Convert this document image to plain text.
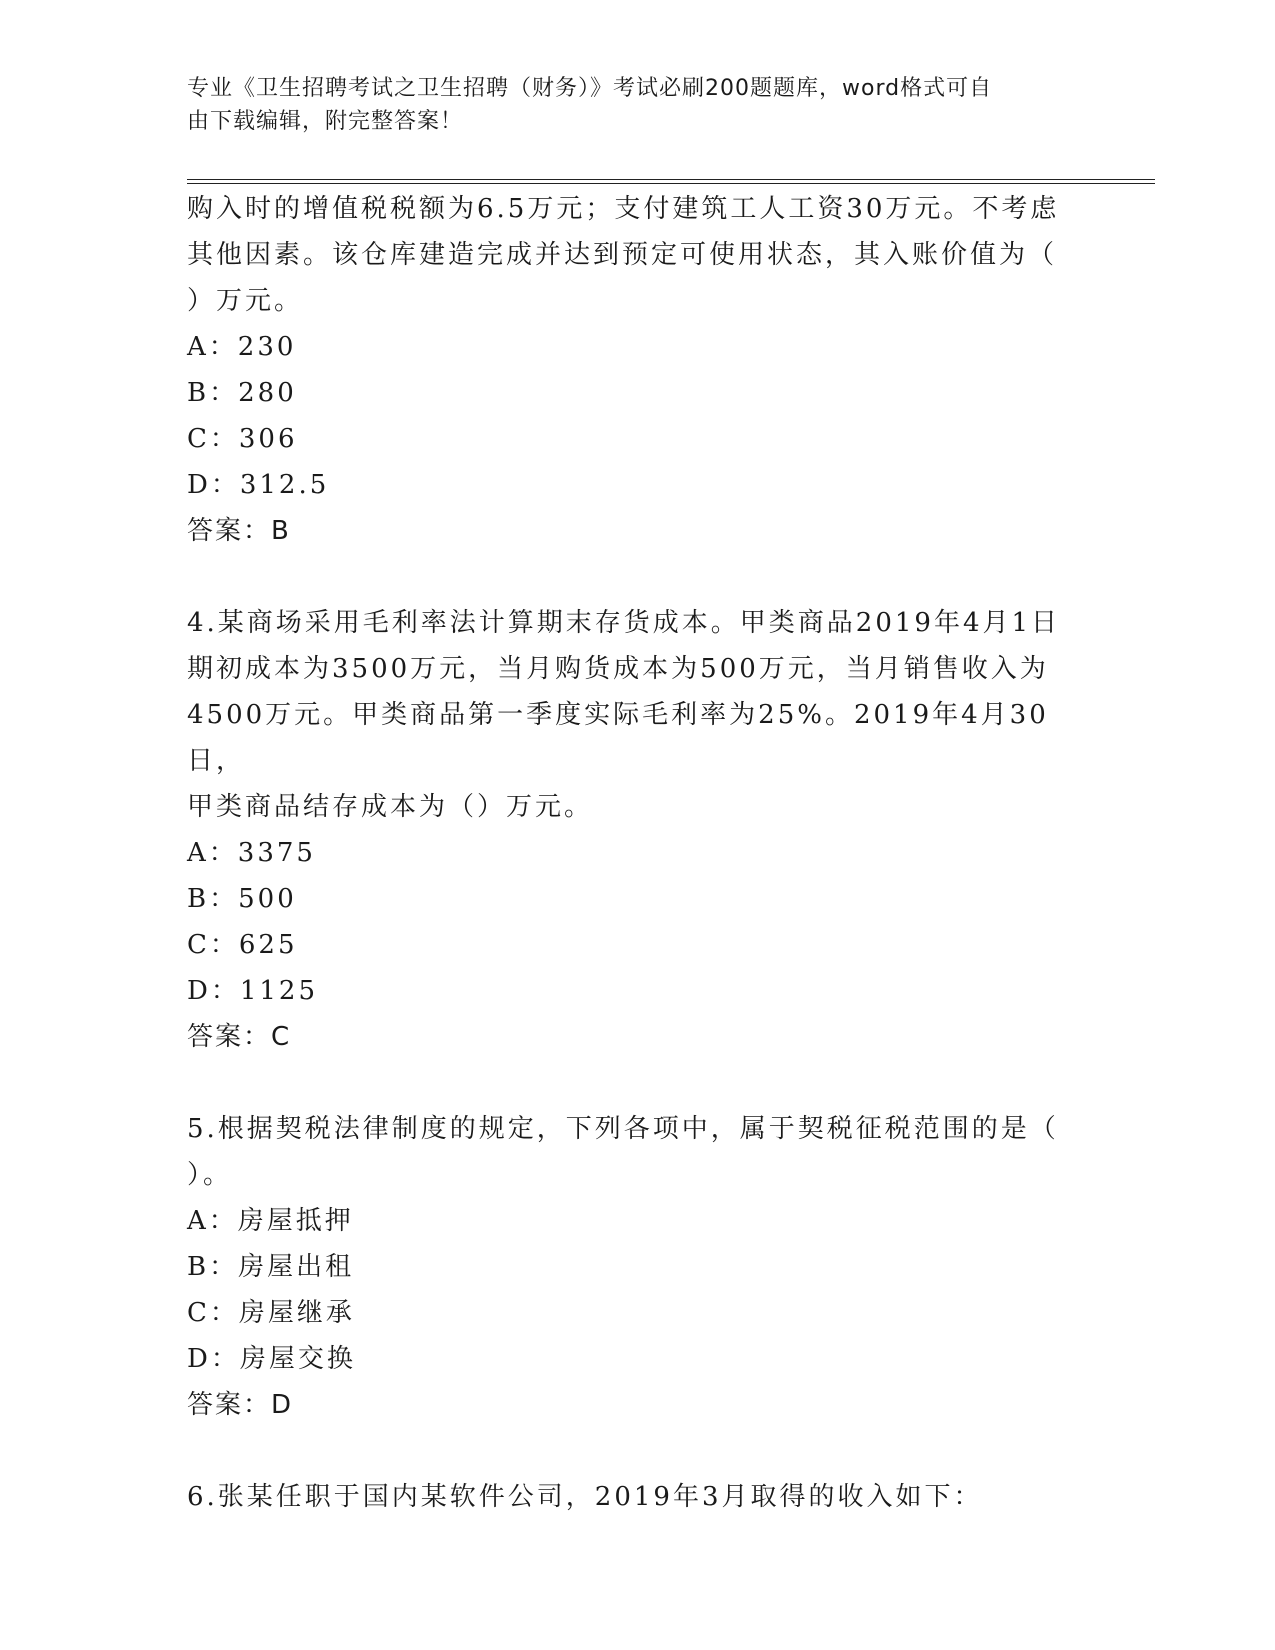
专业《卫生招聘考试之卫生招聘（财务）》考试必刷200题题库，word格式可自
由下载编辑，附完整答案！

购入时的增值税税额为6.5万元；支付建筑工人工资30万元。不考虑

其他因素。该仓库建造完成并达到预定可使用状态，其入账价值为（

）万元。

A：230

B：280

C：306

D：312.5

答案：B

4.某商场采用毛利率法计算期末存货成本。甲类商品2019年4月1日

期初成本为3500万元，当月购货成本为500万元，当月销售收入为

4500万元。甲类商品第一季度实际毛利率为25%。2019年4月30日，

甲类商品结存成本为（）万元。

A：3375

B：500

C：625

D：1125

答案：C

5.根据契税法律制度的规定，下列各项中，属于契税征税范围的是（

）。

A：房屋抵押

B：房屋出租

C：房屋继承

D：房屋交换

答案：D

6.张某任职于国内某软件公司，2019年3月取得的收入如下：
